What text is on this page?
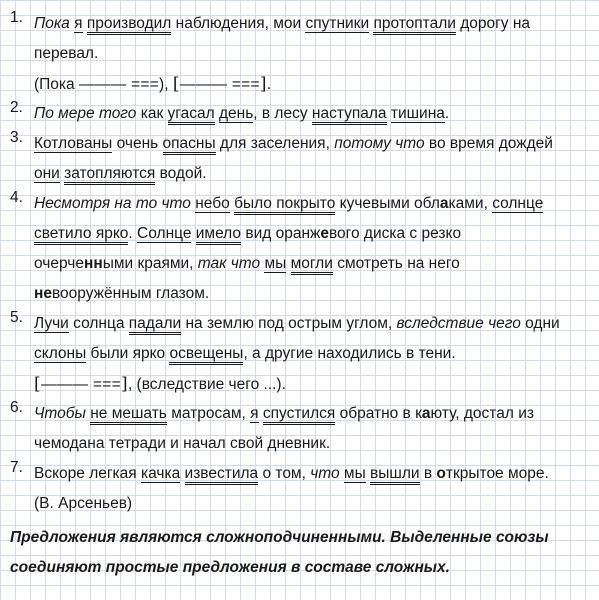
1. Пока я производил наблюдения, мои спутники протоптали дорогу на
перевал.
(Пока ——— ===), [——— ===].
2. По мере того как угасал день, в лесу наступала тишина.
3. Котлованы очень опасны для заселения, потому что во время дождей
они затопляются водой.
4. Несмотря на то что небо было покрыто кучевыми облаками, солнце
светило ярко. Солнце имело вид оранжевого диска с резко
очерченными краями, так что мы могли смотреть на него
невооружённым глазом.
5. Лучи солнца падали на землю под острым углом, вследствие чего одни
склоны были ярко освещены, а другие находились в тени.
[——— ===], (вследствие чего ...).
6. Чтобы не мешать матросам, я спустился обратно в каюту, достал из
чемодана тетради и начал свой дневник.
7. Вскоре легкая качка известила о том, что мы вышли в открытое море.
(В. Арсеньев)
Предложения являются сложноподчиненными. Выделенные союзы
соединяют простые предложения в составе сложных.
